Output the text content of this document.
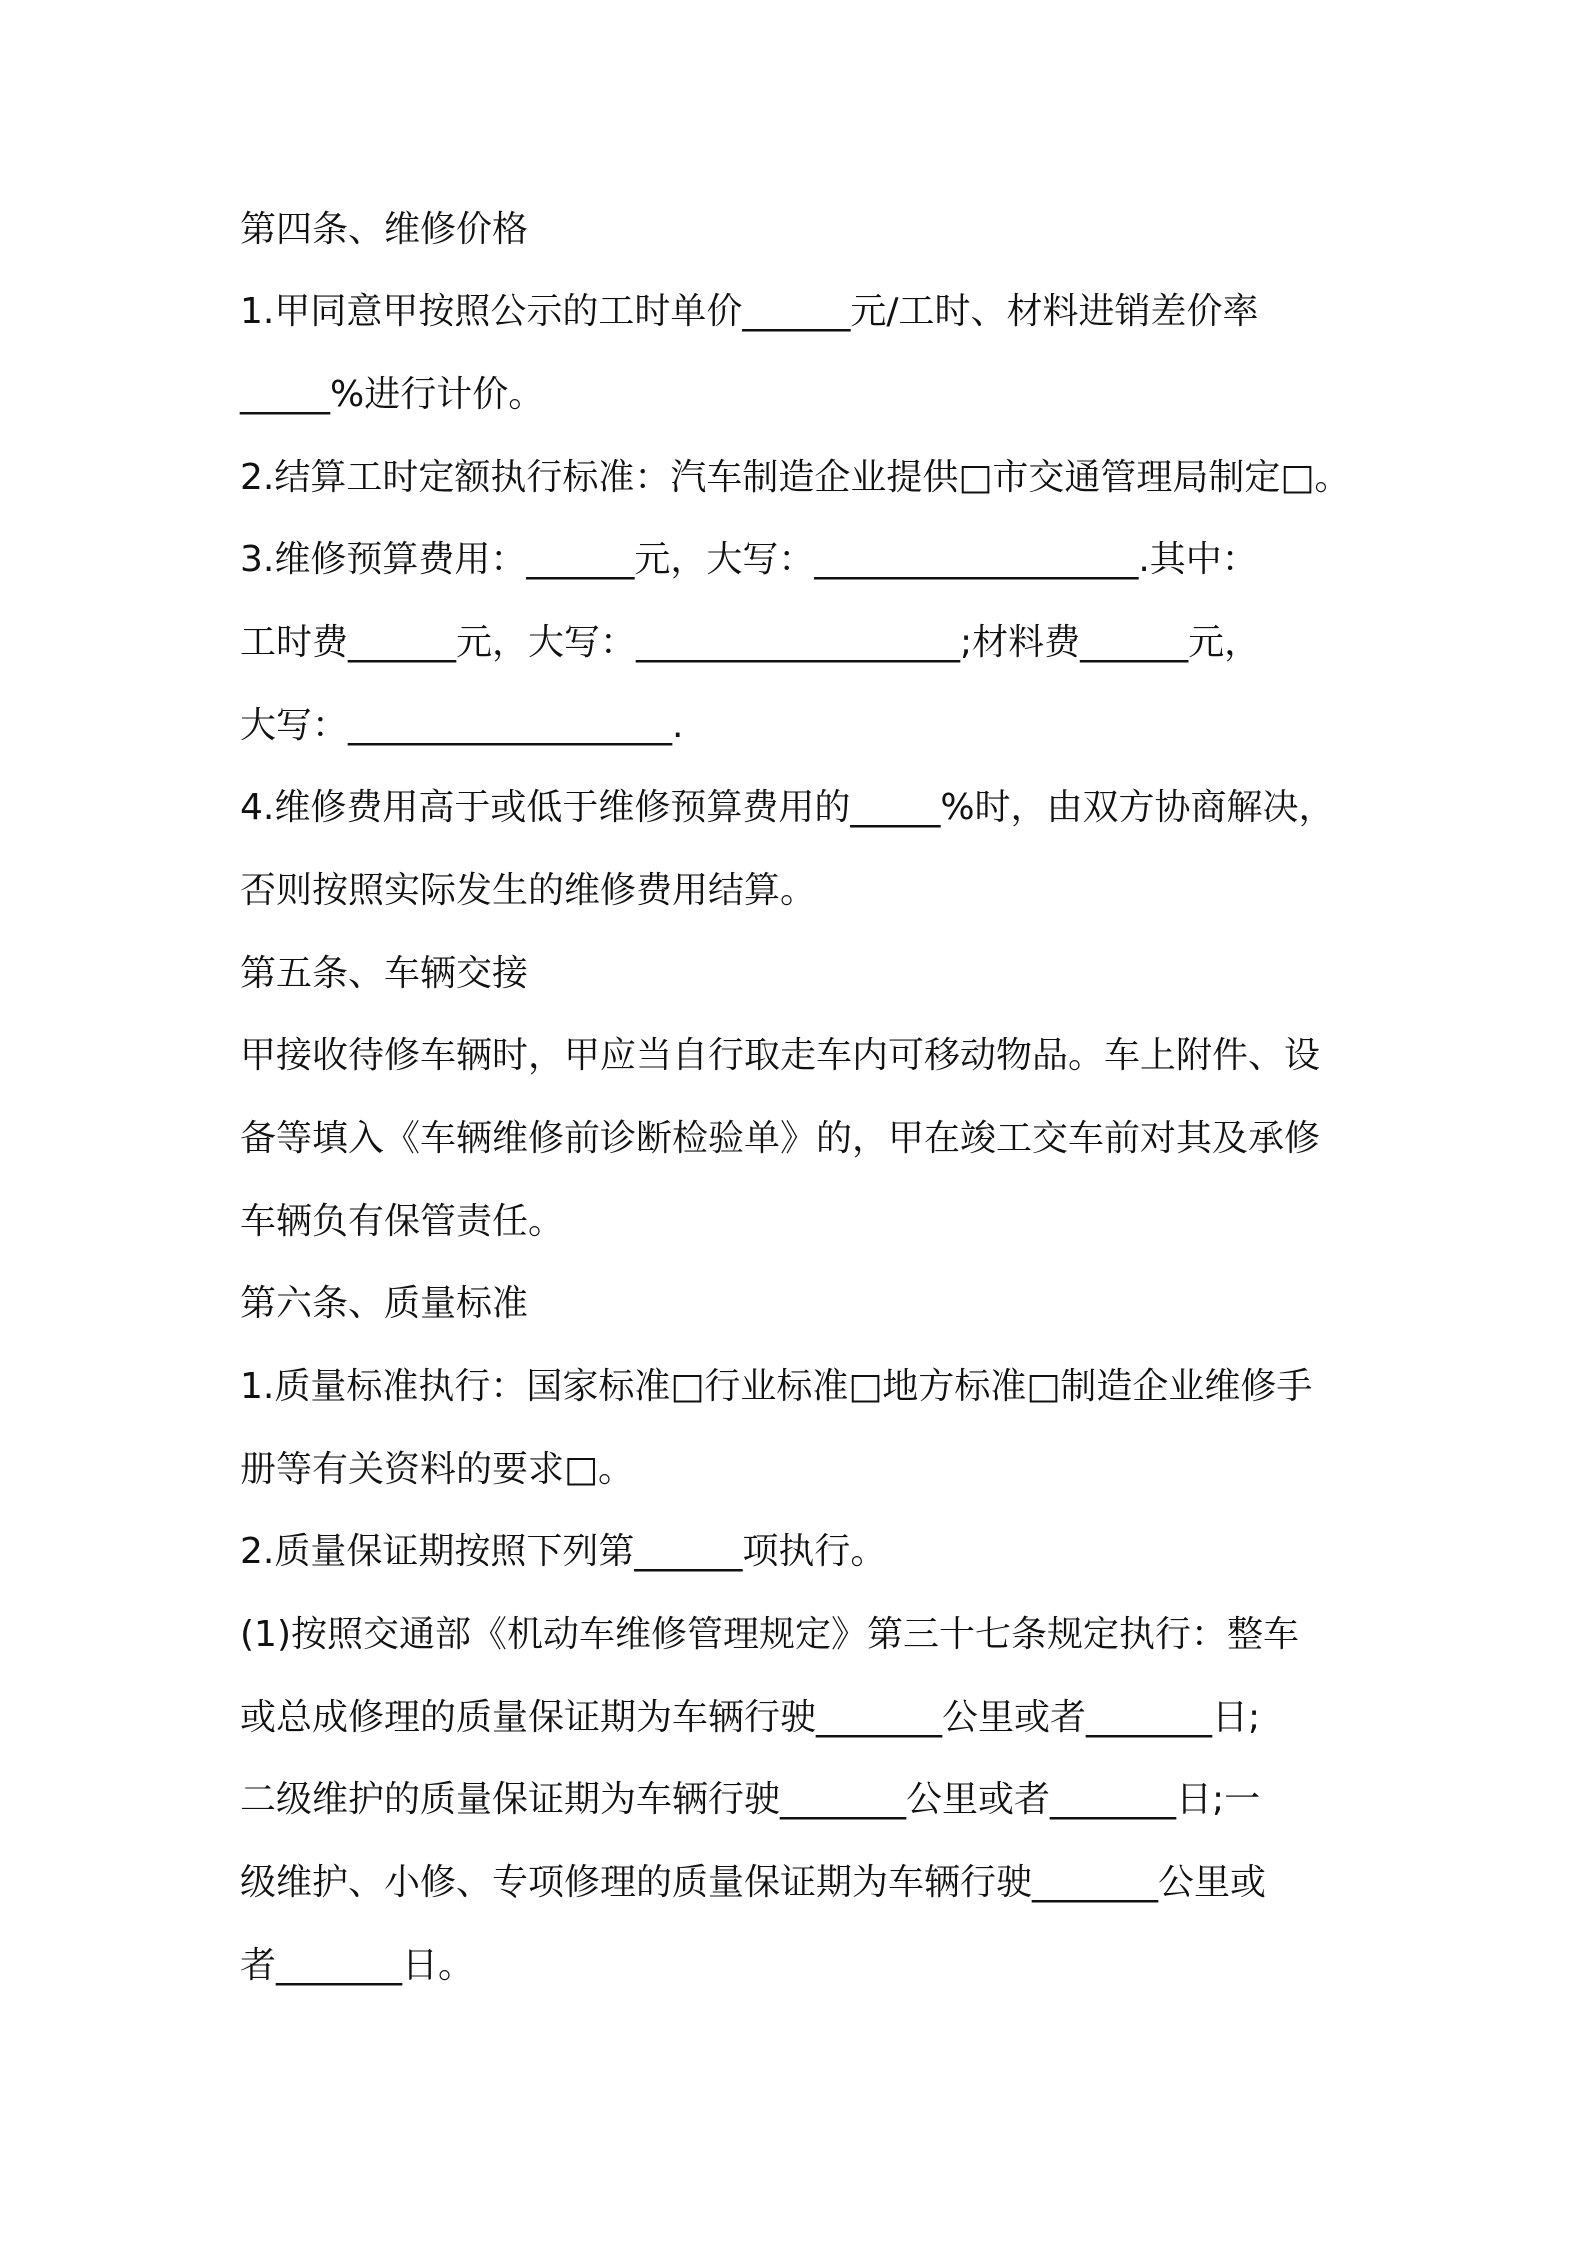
第四条、维修价格

1.甲同意甲按照公示的工时单价______元/工时、材料进销差价率

_____%进行计价。

2.结算工时定额执行标准：汽车制造企业提供□市交通管理局制定□。

3.维修预算费用：______元，大写：__________________.其中：

工时费______元，大写：__________________;材料费______元，

大写：__________________.

4.维修费用高于或低于维修预算费用的_____%时，由双方协商解决，

否则按照实际发生的维修费用结算。

第五条、车辆交接

甲接收待修车辆时，甲应当自行取走车内可移动物品。车上附件、设

备等填入《车辆维修前诊断检验单》的，甲在竣工交车前对其及承修

车辆负有保管责任。

第六条、质量标准

1.质量标准执行：国家标准□行业标准□地方标准□制造企业维修手

册等有关资料的要求□。

2.质量保证期按照下列第______项执行。

(1)按照交通部《机动车维修管理规定》第三十七条规定执行：整车

或总成修理的质量保证期为车辆行驶_______公里或者_______日;

二级维护的质量保证期为车辆行驶_______公里或者_______日;一

级维护、小修、专项修理的质量保证期为车辆行驶_______公里或

者_______日。
